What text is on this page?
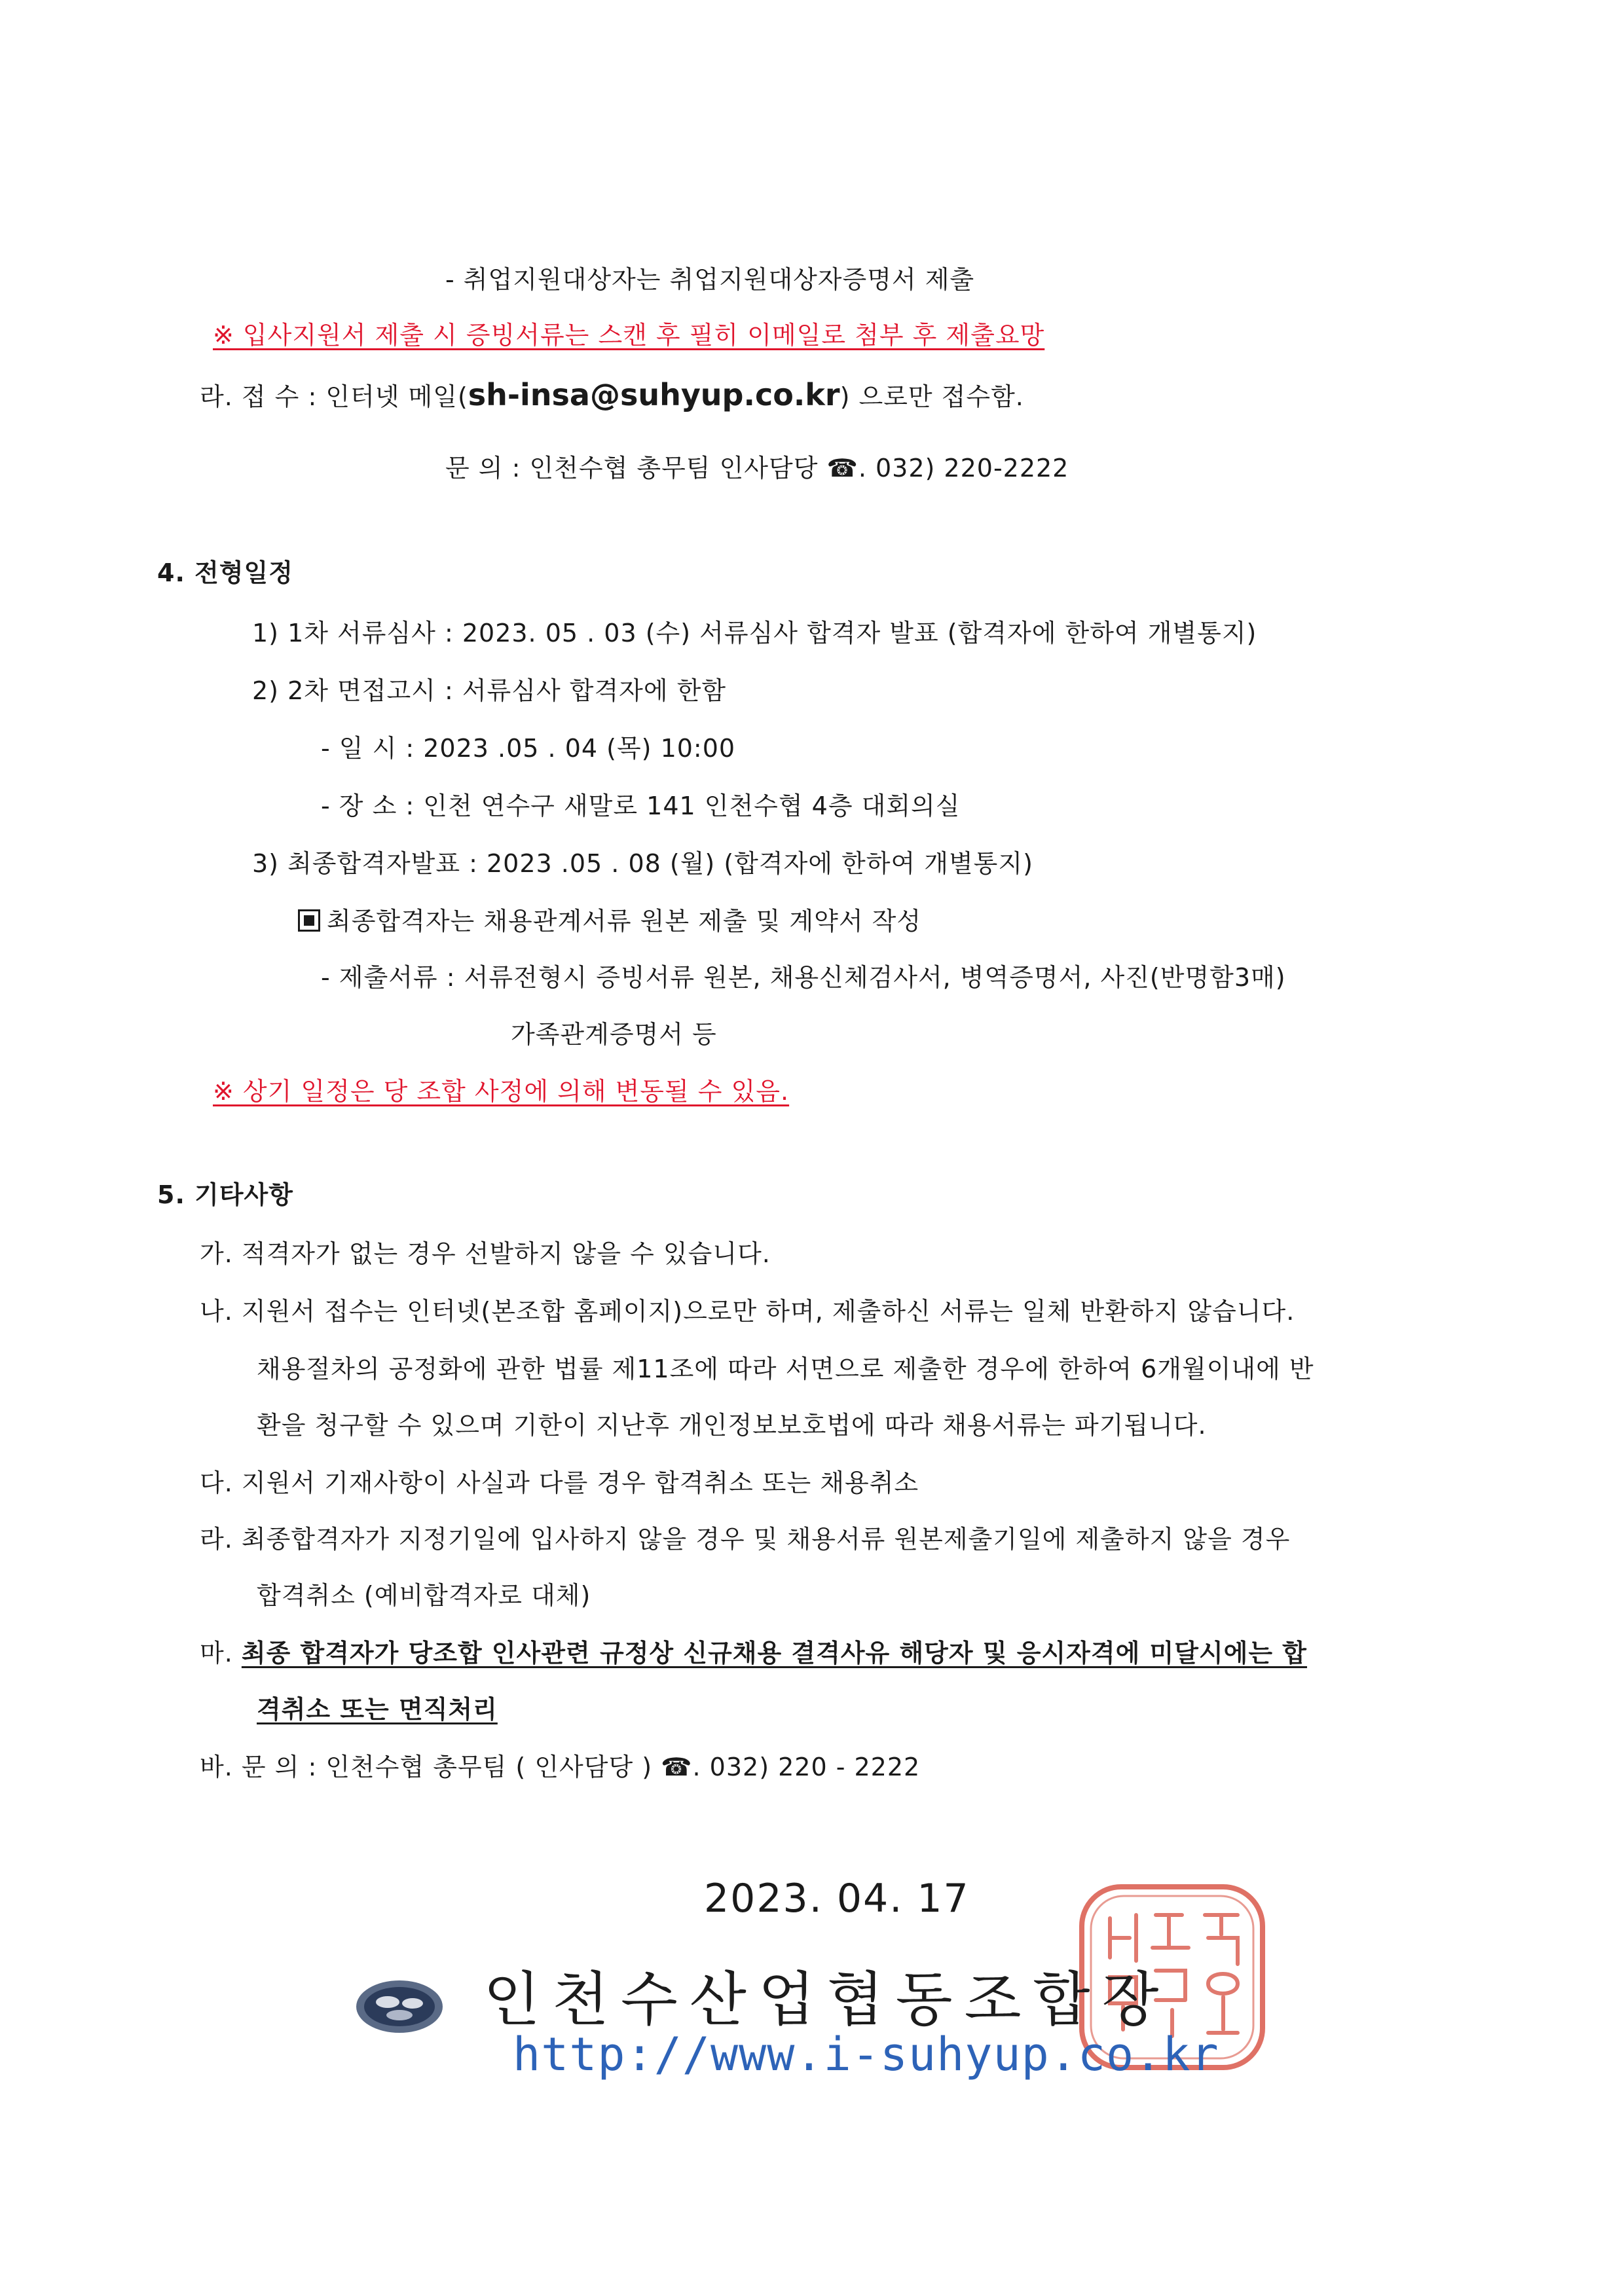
- 취업지원대상자는 취업지원대상자증명서 제출
※ 입사지원서 제출 시 증빙서류는 스캔 후 필히 이메일로 첨부 후 제출요망
라. 접 수 : 인터넷 메일(sh-insa@suhyup.co.kr) 으로만 접수함.
문 의 : 인천수협 총무팀 인사담당 ☎. 032) 220-2222
4. 전형일정
1) 1차 서류심사 : 2023. 05 . 03 (수) 서류심사 합격자 발표 (합격자에 한하여 개별통지)
2) 2차 면접고시 : 서류심사 합격자에 한함
- 일 시 : 2023 .05 . 04 (목) 10:00
- 장 소 : 인천 연수구 새말로 141 인천수협 4층 대회의실
3) 최종합격자발표 : 2023 .05 . 08 (월) (합격자에 한하여 개별통지)
최종합격자는 채용관계서류 원본 제출 및 계약서 작성
- 제출서류 : 서류전형시 증빙서류 원본, 채용신체검사서, 병역증명서, 사진(반명함3매)
가족관계증명서 등
※ 상기 일정은 당 조합 사정에 의해 변동될 수 있음.
5. 기타사항
가. 적격자가 없는 경우 선발하지 않을 수 있습니다.
나. 지원서 접수는 인터넷(본조합 홈페이지)으로만 하며, 제출하신 서류는 일체 반환하지 않습니다.
채용절차의 공정화에 관한 법률 제11조에 따라 서면으로 제출한 경우에 한하여 6개월이내에 반
환을 청구할 수 있으며 기한이 지난후 개인정보보호법에 따라 채용서류는 파기됩니다.
다. 지원서 기재사항이 사실과 다를 경우 합격취소 또는 채용취소
라. 최종합격자가 지정기일에 입사하지 않을 경우 및 채용서류 원본제출기일에 제출하지 않을 경우
합격취소 (예비합격자로 대체)
마. 최종 합격자가 당조합 인사관련 규정상 신규채용 결격사유 해당자 및 응시자격에 미달시에는 합
격취소 또는 면직처리
바. 문 의 : 인천수협 총무팀 ( 인사담당 ) ☎. 032) 220 - 2222
2023. 04. 17
인천수산업협동조합장
http://www.i-suhyup.co.kr
